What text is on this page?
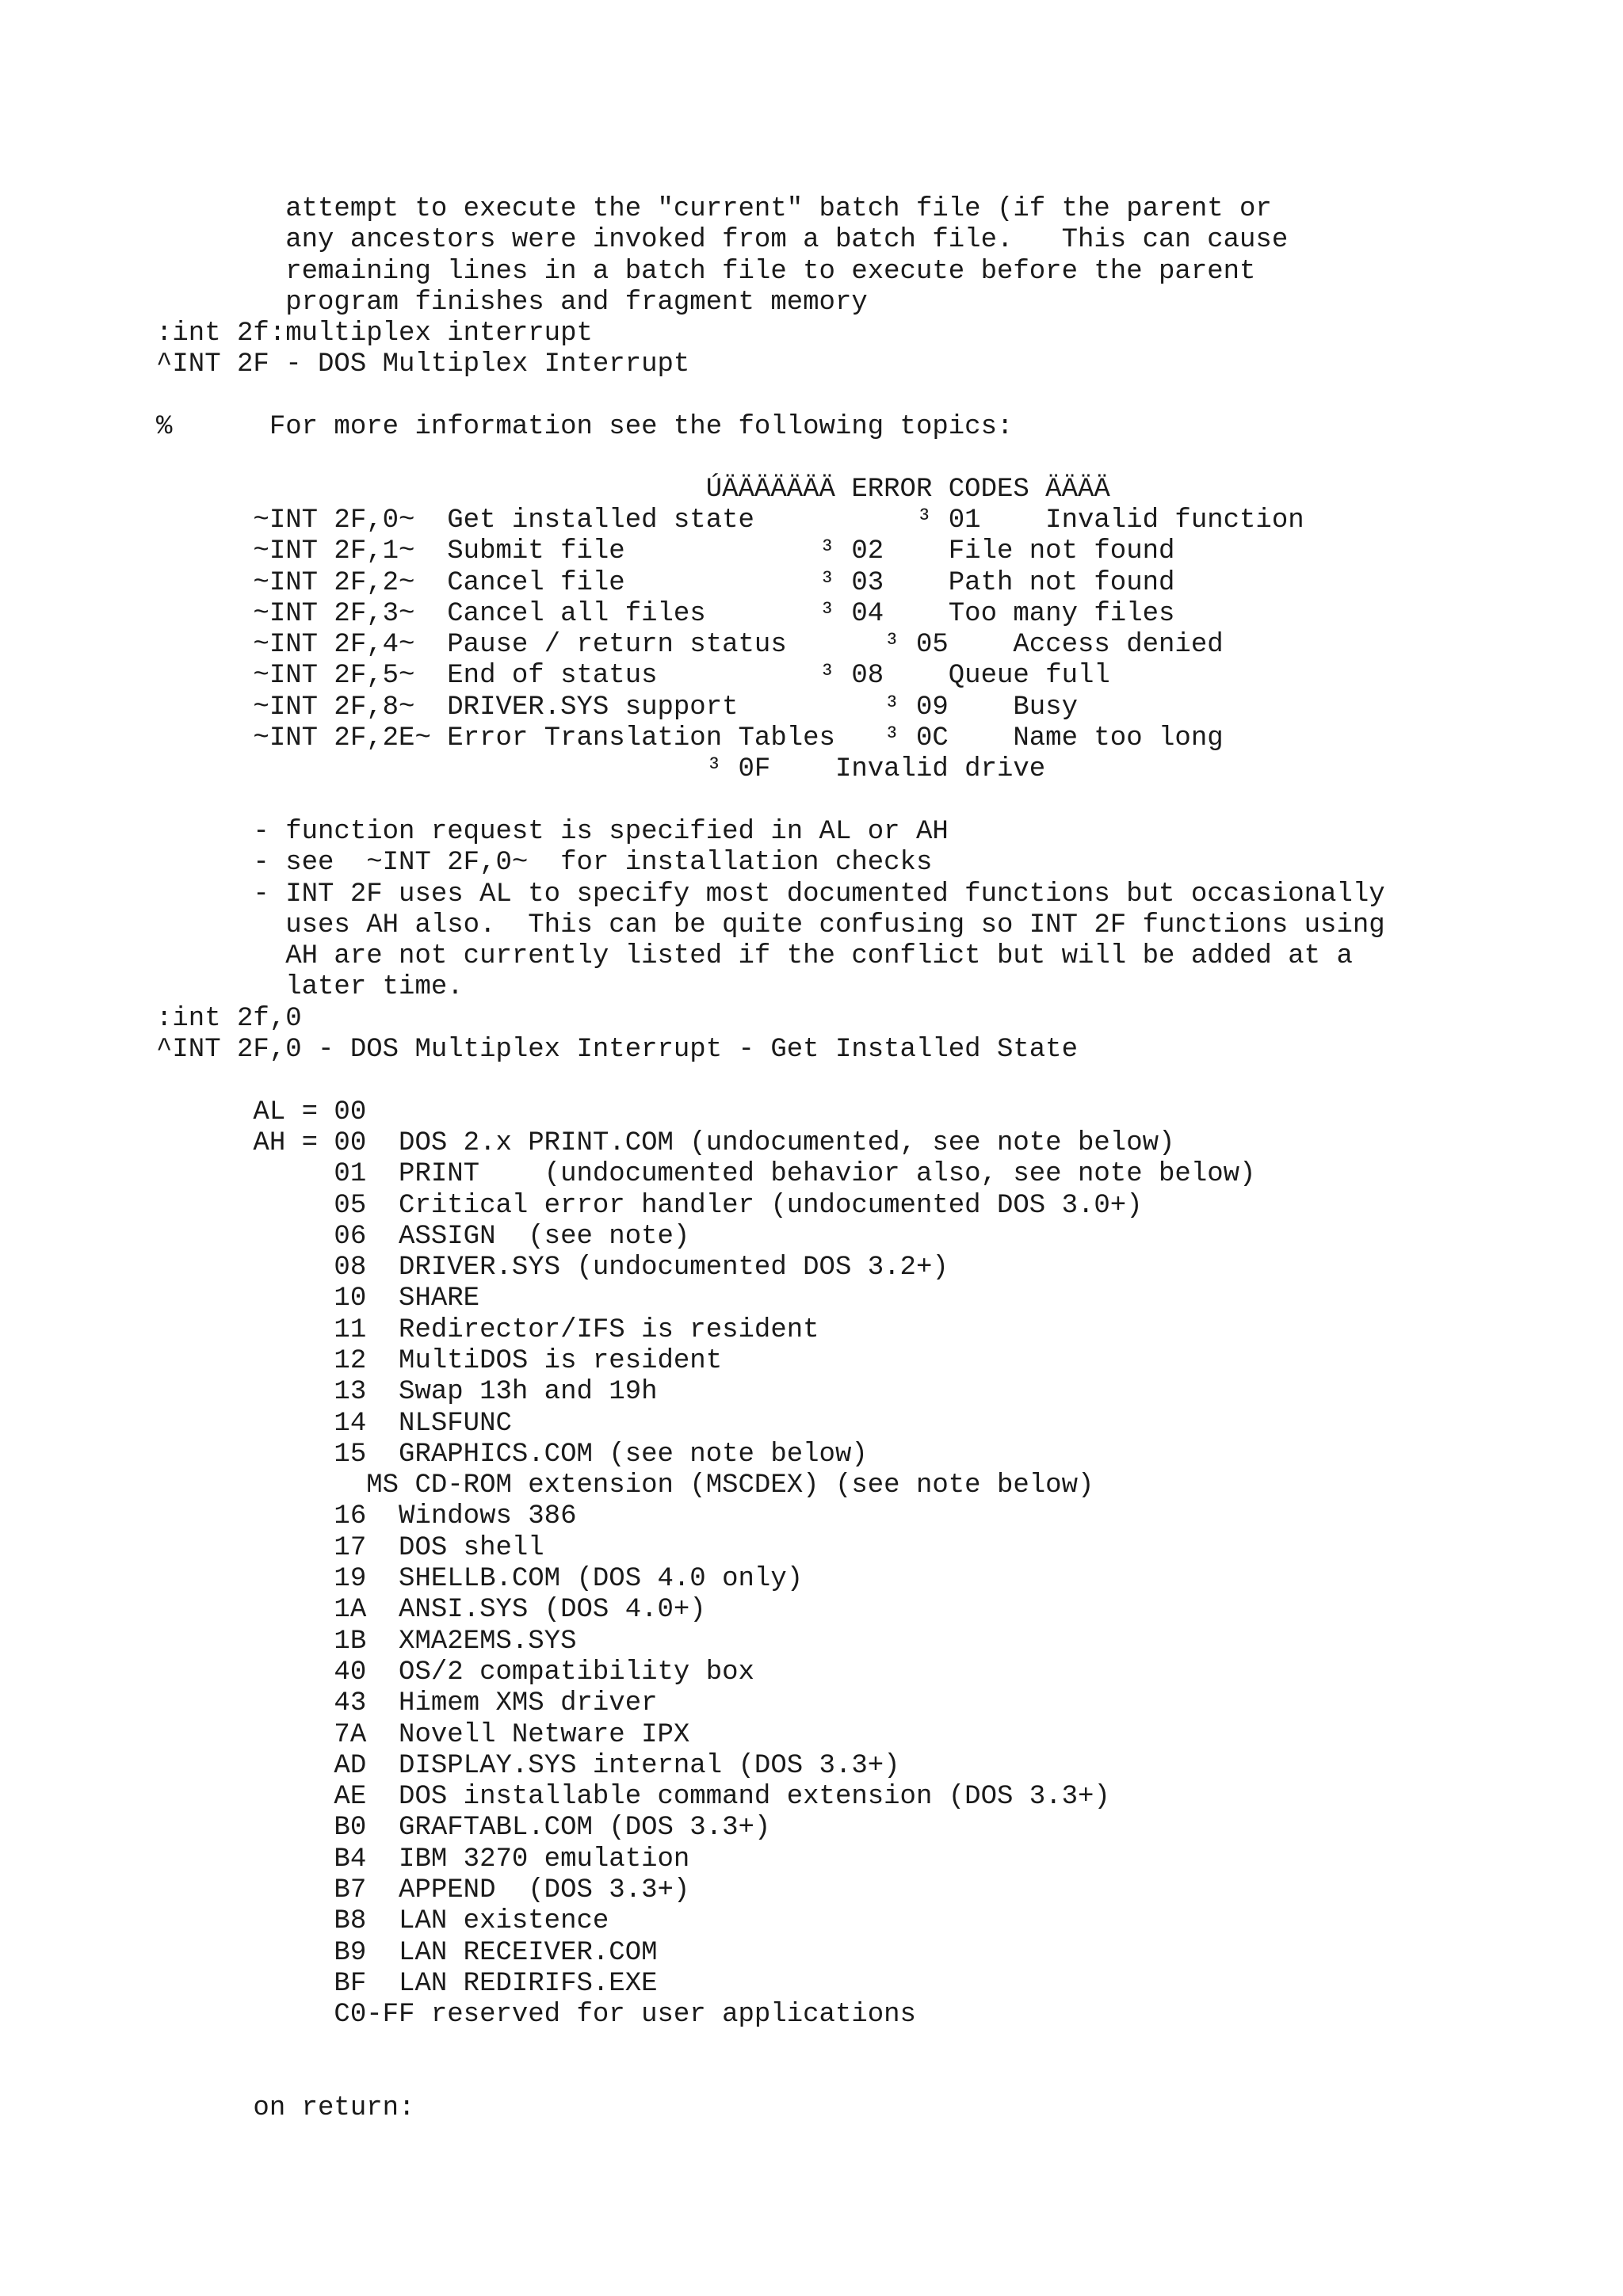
attempt to execute the "current" batch file (if the parent or
any ancestors were invoked from a batch file.   This can cause
remaining lines in a batch file to execute before the parent
program finishes and fragment memory
:int 2f:multiplex interrupt
^INT 2F - DOS Multiplex Interrupt
%      For more information see the following topics:
ÚÄÄÄÄÄÄÄ ERROR CODES ÄÄÄÄ
~INT 2F,0~  Get installed state          ³ 01    Invalid function
~INT 2F,1~  Submit file            ³ 02    File not found
~INT 2F,2~  Cancel file            ³ 03    Path not found
~INT 2F,3~  Cancel all files       ³ 04    Too many files
~INT 2F,4~  Pause / return status      ³ 05    Access denied
~INT 2F,5~  End of status          ³ 08    Queue full
~INT 2F,8~  DRIVER.SYS support         ³ 09    Busy
~INT 2F,2E~ Error Translation Tables   ³ 0C    Name too long
³ 0F    Invalid drive
- function request is specified in AL or AH
- see  ~INT 2F,0~  for installation checks
- INT 2F uses AL to specify most documented functions but occasionally
uses AH also.  This can be quite confusing so INT 2F functions using
AH are not currently listed if the conflict but will be added at a
later time.
:int 2f,0
^INT 2F,0 - DOS Multiplex Interrupt - Get Installed State
AL = 00
AH = 00  DOS 2.x PRINT.COM (undocumented, see note below)
01  PRINT    (undocumented behavior also, see note below)
05  Critical error handler (undocumented DOS 3.0+)
06  ASSIGN  (see note)
08  DRIVER.SYS (undocumented DOS 3.2+)
10  SHARE
11  Redirector/IFS is resident
12  MultiDOS is resident
13  Swap 13h and 19h
14  NLSFUNC
15  GRAPHICS.COM (see note below)
MS CD-ROM extension (MSCDEX) (see note below)
16  Windows 386
17  DOS shell
19  SHELLB.COM (DOS 4.0 only)
1A  ANSI.SYS (DOS 4.0+)
1B  XMA2EMS.SYS
40  OS/2 compatibility box
43  Himem XMS driver
7A  Novell Netware IPX
AD  DISPLAY.SYS internal (DOS 3.3+)
AE  DOS installable command extension (DOS 3.3+)
B0  GRAFTABL.COM (DOS 3.3+)
B4  IBM 3270 emulation
B7  APPEND  (DOS 3.3+)
B8  LAN existence
B9  LAN RECEIVER.COM
BF  LAN REDIRIFS.EXE
C0-FF reserved for user applications
on return:
